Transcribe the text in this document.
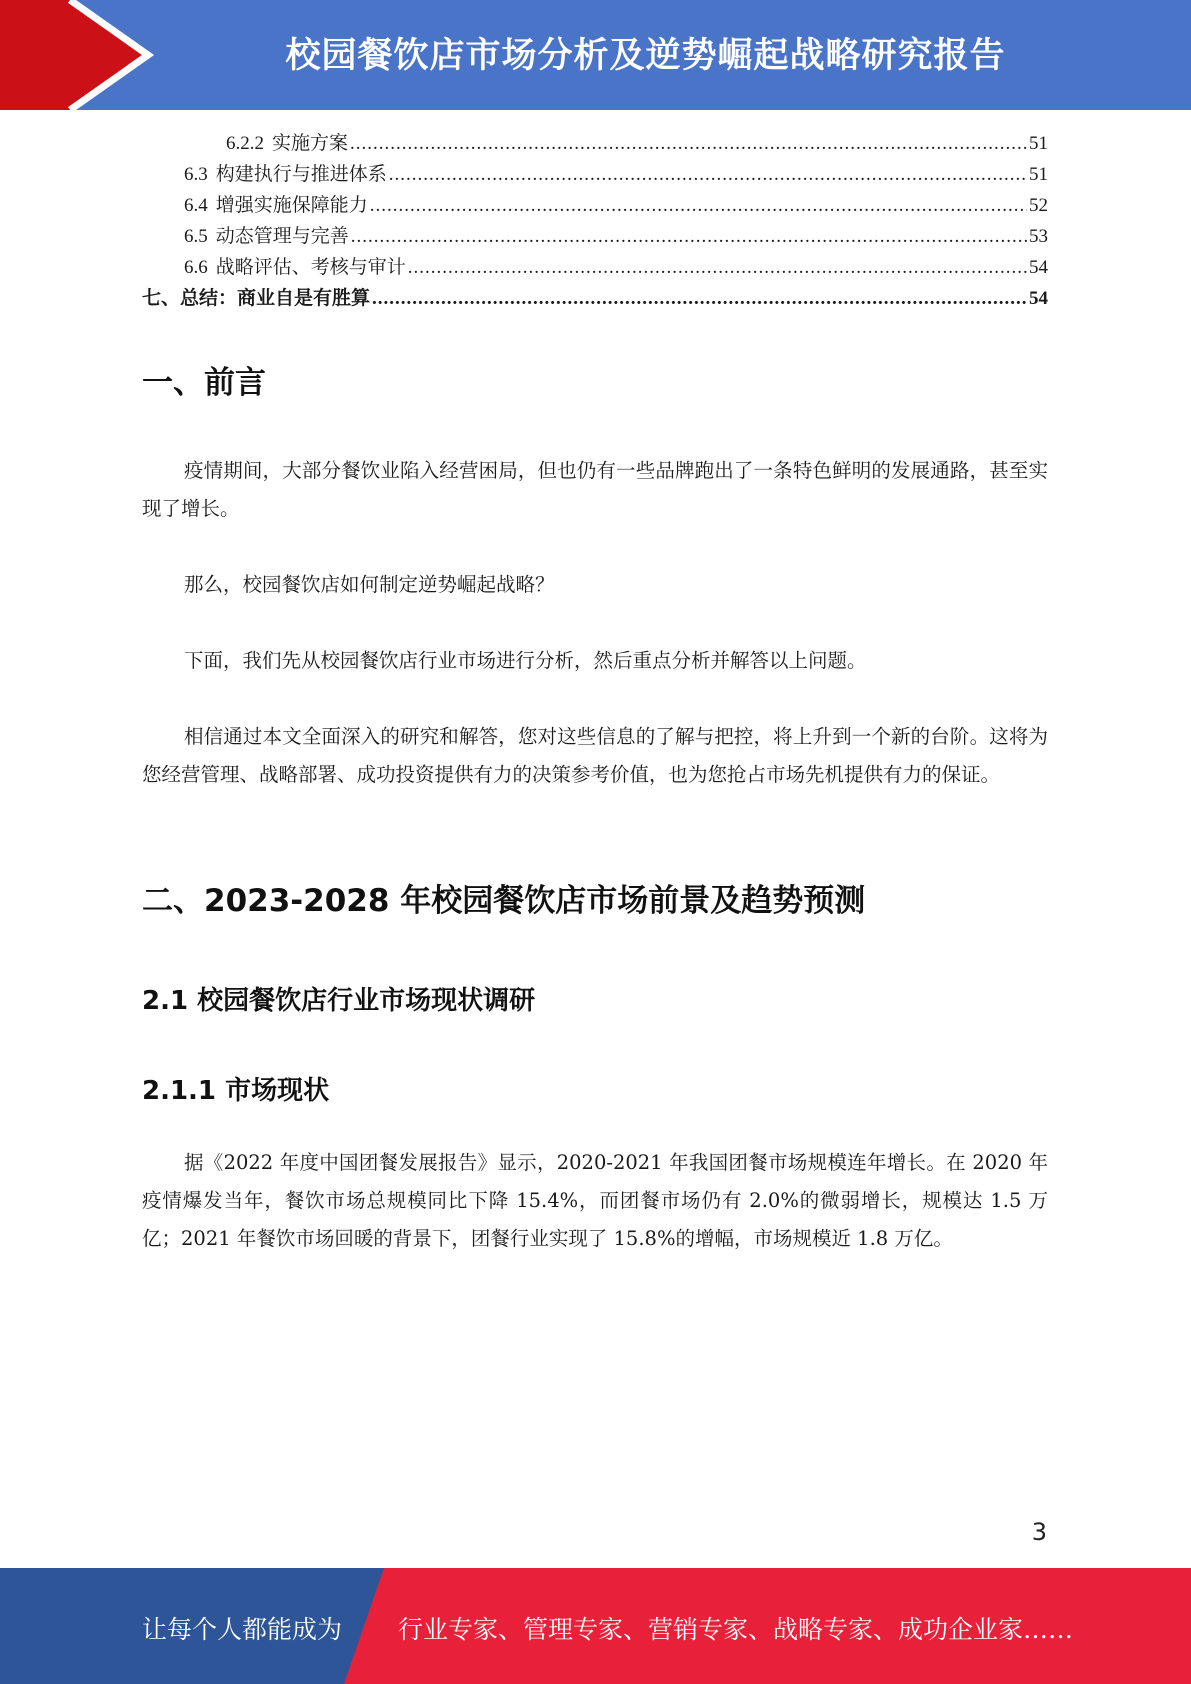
校园餐饮店市场分析及逆势崛起战略研究报告
6.2.2 实施方案 .....	51
6.3 构建执行与推进体系 .....	51
6.4 增强实施保障能力 .....	52
6.5 动态管理与完善 .....	53
6.6 战略评估、考核与审计 .....	54
七、总结：商业自是有胜算 .....	54
一、前言
疫情期间，大部分餐饮业陷入经营困局，但也仍有一些品牌跑出了一条特色鲜明的发展通路，甚至实现了增长。
那么，校园餐饮店如何制定逆势崛起战略？
下面，我们先从校园餐饮店行业市场进行分析，然后重点分析并解答以上问题。
相信通过本文全面深入的研究和解答，您对这些信息的了解与把控，将上升到一个新的台阶。这将为您经营管理、战略部署、成功投资提供有力的决策参考价值，也为您抢占市场先机提供有力的保证。
二、2023-2028 年校园餐饮店市场前景及趋势预测
2.1 校园餐饮店行业市场现状调研
2.1.1 市场现状
据《2022 年度中国团餐发展报告》显示，2020-2021 年我国团餐市场规模连年增长。在 2020 年疫情爆发当年，餐饮市场总规模同比下降 15.4%，而团餐市场仍有 2.0%的微弱增长，规模达 1.5 万亿；2021 年餐饮市场回暖的背景下，团餐行业实现了 15.8%的增幅，市场规模近 1.8 万亿。
3
让每个人都能成为 行业专家、管理专家、营销专家、战略专家、成功企业家……
